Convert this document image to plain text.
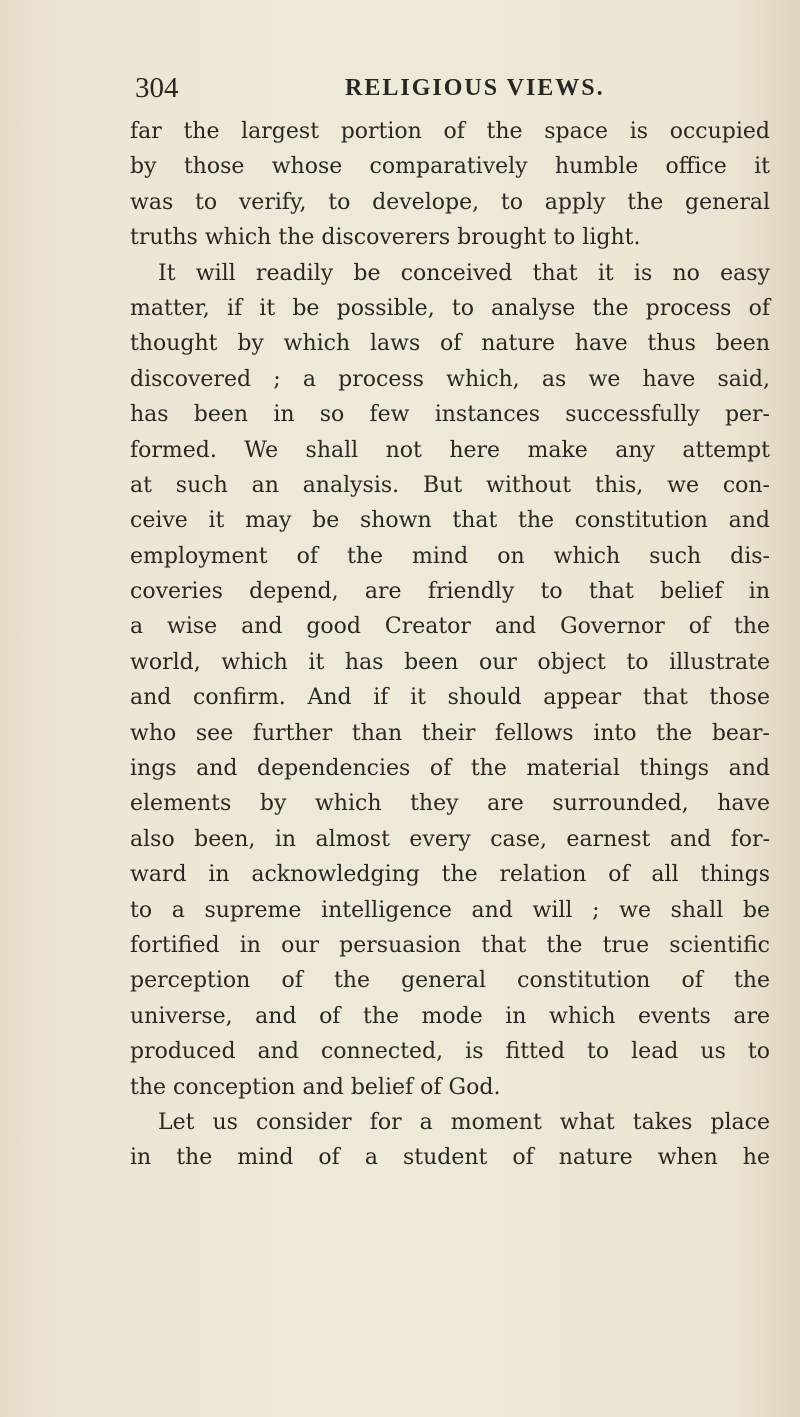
304	RELIGIOUS VIEWS.
far the largest portion of the space is occupied
by those whose comparatively humble office it
was to verify, to develope, to apply the general
truths which the discoverers brought to light.
It will readily be conceived that it is no easy
matter, if it be possible, to analyse the process of
thought by which laws of nature have thus been
discovered ; a process which, as we have said,
has been in so few instances successfully per-
formed. We shall not here make any attempt
at such an analysis. But without this, we con-
ceive it may be shown that the constitution and
employment of the mind on which such dis-
coveries depend, are friendly to that belief in
a wise and good Creator and Governor of the
world, which it has been our object to illustrate
and confirm. And if it should appear that those
who see further than their fellows into the bear-
ings and dependencies of the material things and
elements by which they are surrounded, have
also been, in almost every case, earnest and for-
ward in acknowledging the relation of all things
to a supreme intelligence and will ; we shall be
fortified in our persuasion that the true scientific
perception of the general constitution of the
universe, and of the mode in which events are
produced and connected, is fitted to lead us to
the conception and belief of God.
Let us consider for a moment what takes place
in the mind of a student of nature when he
